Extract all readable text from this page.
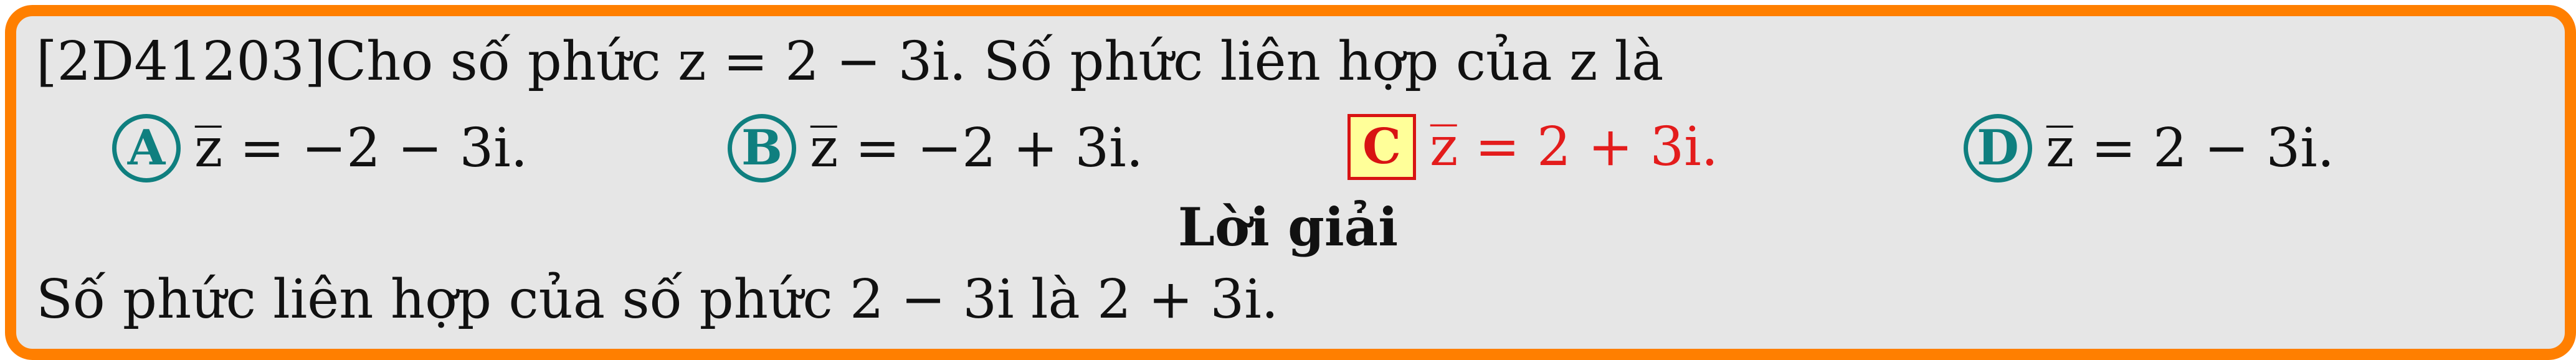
[2D41203]Cho số phức z = 2 − 3i. Số phức liên hợp của z là
A z̅ = −2 − 3i.	B z̅ = −2 + 3i.	C z̅ = 2 + 3i.	D z̅ = 2 − 3i.
Lời giải
Số phức liên hợp của số phức 2 − 3i là 2 + 3i.
